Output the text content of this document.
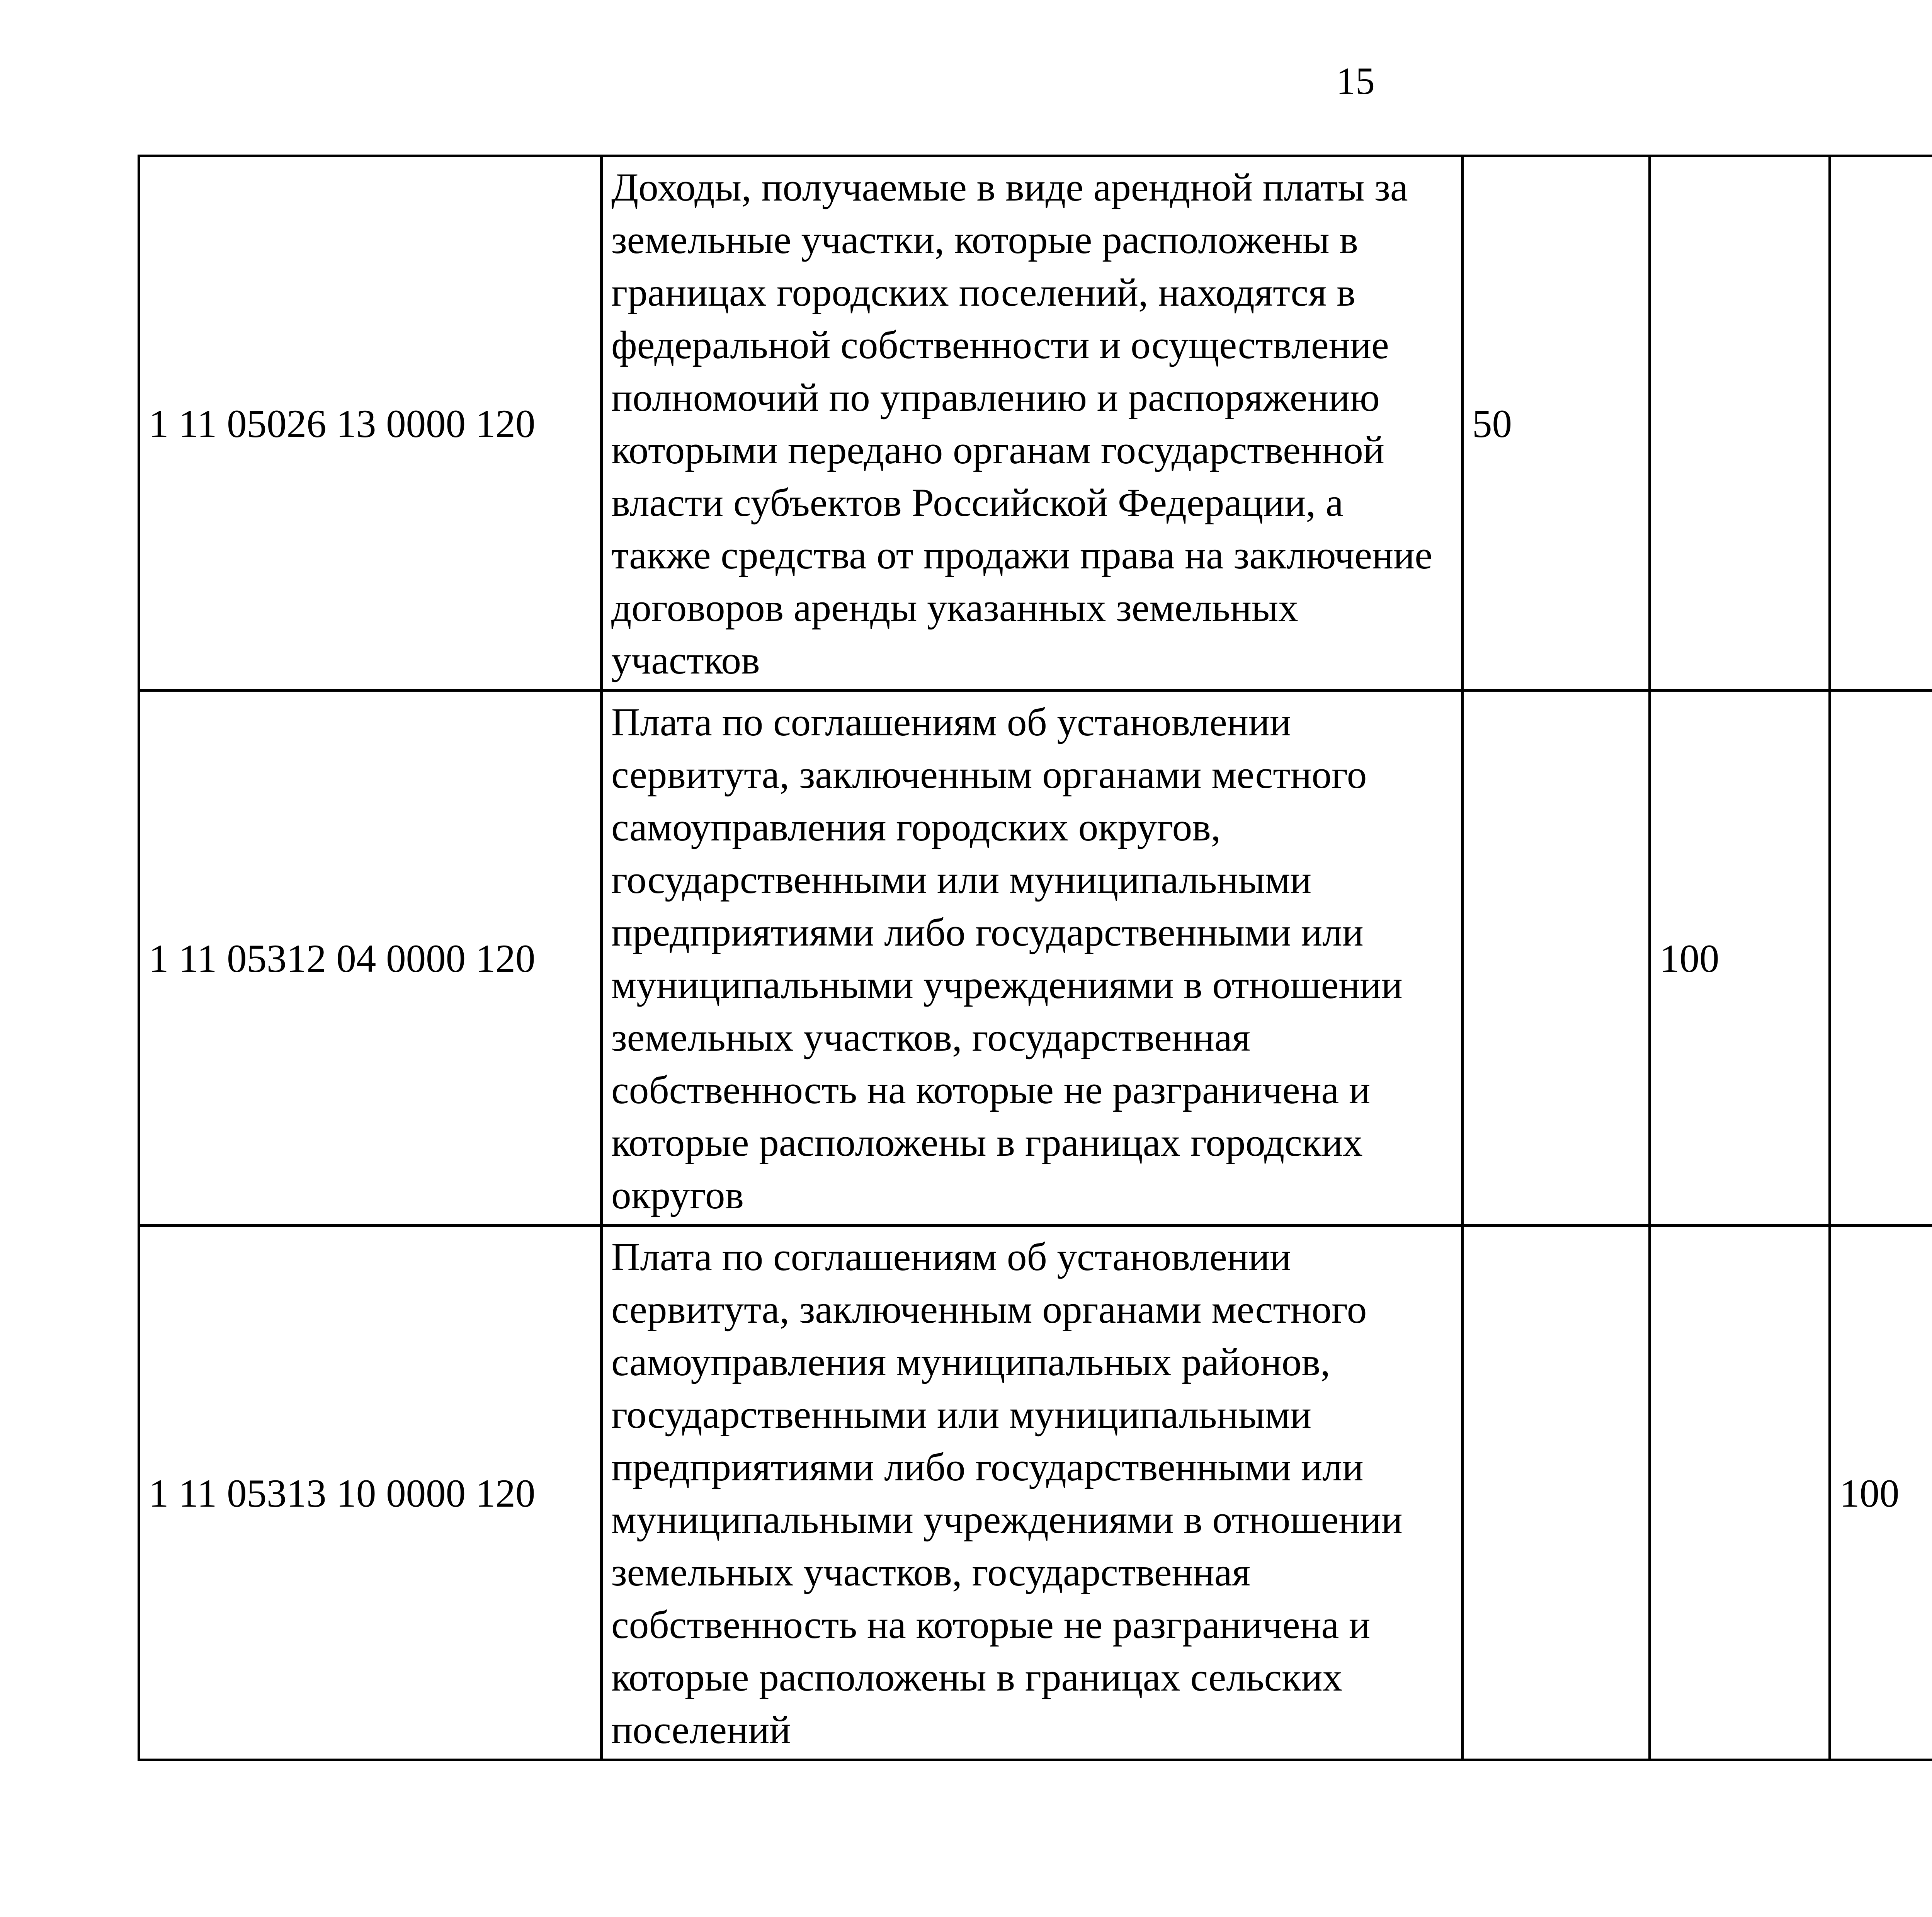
15
1 11 05026 13 0000 120	Доходы, получаемые в виде арендной платы за земельные участки, которые расположены в границах городских поселений, находятся в федеральной собственности и осуществление полномочий по управлению и распоряжению которыми передано органам государственной власти субъектов Российской Федерации, а также средства от продажи права на заключение договоров аренды указанных земельных участков	50				
1 11 05312 04 0000 120	Плата по соглашениям об установлении сервитута, заключенным органами местного самоуправления городских округов, государственными или муниципальными предприятиями либо государственными или муниципальными учреждениями в отношении земельных участков, государственная собственность на которые не разграничена и которые расположены в границах городских округов		100			
1 11 05313 10 0000 120	Плата по соглашениям об установлении сервитута, заключенным органами местного самоуправления муниципальных районов, государственными или муниципальными предприятиями либо государственными или муниципальными учреждениями в отношении земельных участков, государственная собственность на которые не разграничена и которые расположены в границах сельских поселений			100		
